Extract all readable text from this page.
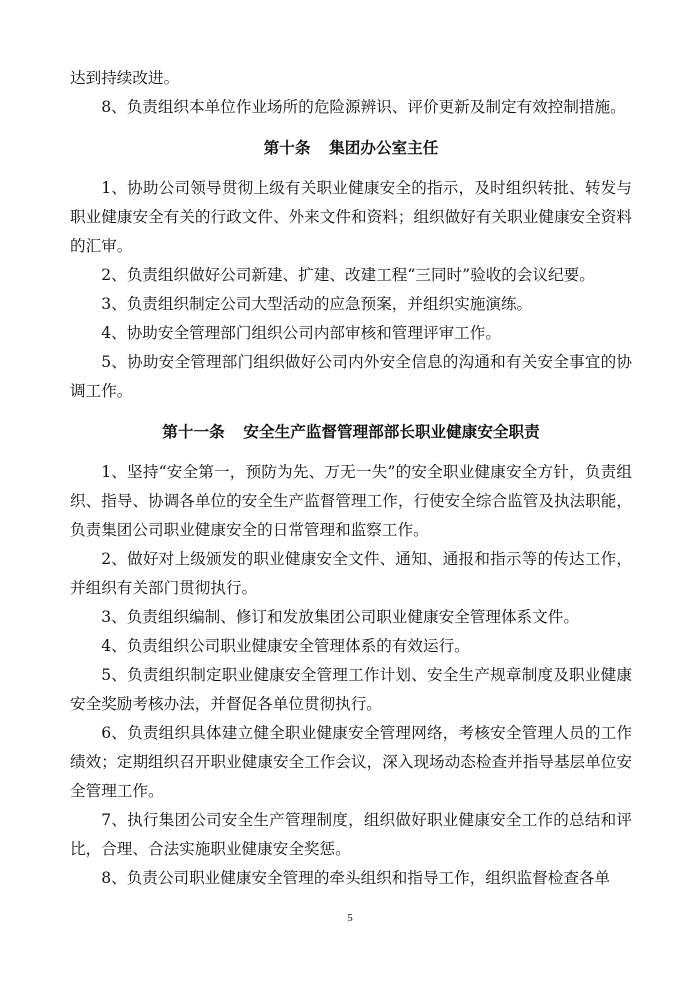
达到持续改进。

8、负责组织本单位作业场所的危险源辨识、评价更新及制定有效控制措施。

第十条 集团办公室主任

1、协助公司领导贯彻上级有关职业健康安全的指示，及时组织转批、转发与职业健康安全有关的行政文件、外来文件和资料；组织做好有关职业健康安全资料的汇审。

2、负责组织做好公司新建、扩建、改建工程“三同时”验收的会议纪要。

3、负责组织制定公司大型活动的应急预案，并组织实施演练。

4、协助安全管理部门组织公司内部审核和管理评审工作。

5、协助安全管理部门组织做好公司内外安全信息的沟通和有关安全事宜的协调工作。

第十一条 安全生产监督管理部部长职业健康安全职责

1、坚持“安全第一，预防为先、万无一失”的安全职业健康安全方针，负责组织、指导、协调各单位的安全生产监督管理工作，行使安全综合监管及执法职能，负责集团公司职业健康安全的日常管理和监察工作。

2、做好对上级颁发的职业健康安全文件、通知、通报和指示等的传达工作，并组织有关部门贯彻执行。

3、负责组织编制、修订和发放集团公司职业健康安全管理体系文件。

4、负责组织公司职业健康安全管理体系的有效运行。

5、负责组织制定职业健康安全管理工作计划、安全生产规章制度及职业健康安全奖励考核办法，并督促各单位贯彻执行。

6、负责组织具体建立健全职业健康安全管理网络，考核安全管理人员的工作绩效；定期组织召开职业健康安全工作会议，深入现场动态检查并指导基层单位安全管理工作。

7、执行集团公司安全生产管理制度，组织做好职业健康安全工作的总结和评比，合理、合法实施职业健康安全奖惩。

8、负责公司职业健康安全管理的牵头组织和指导工作，组织监督检查各单

5
